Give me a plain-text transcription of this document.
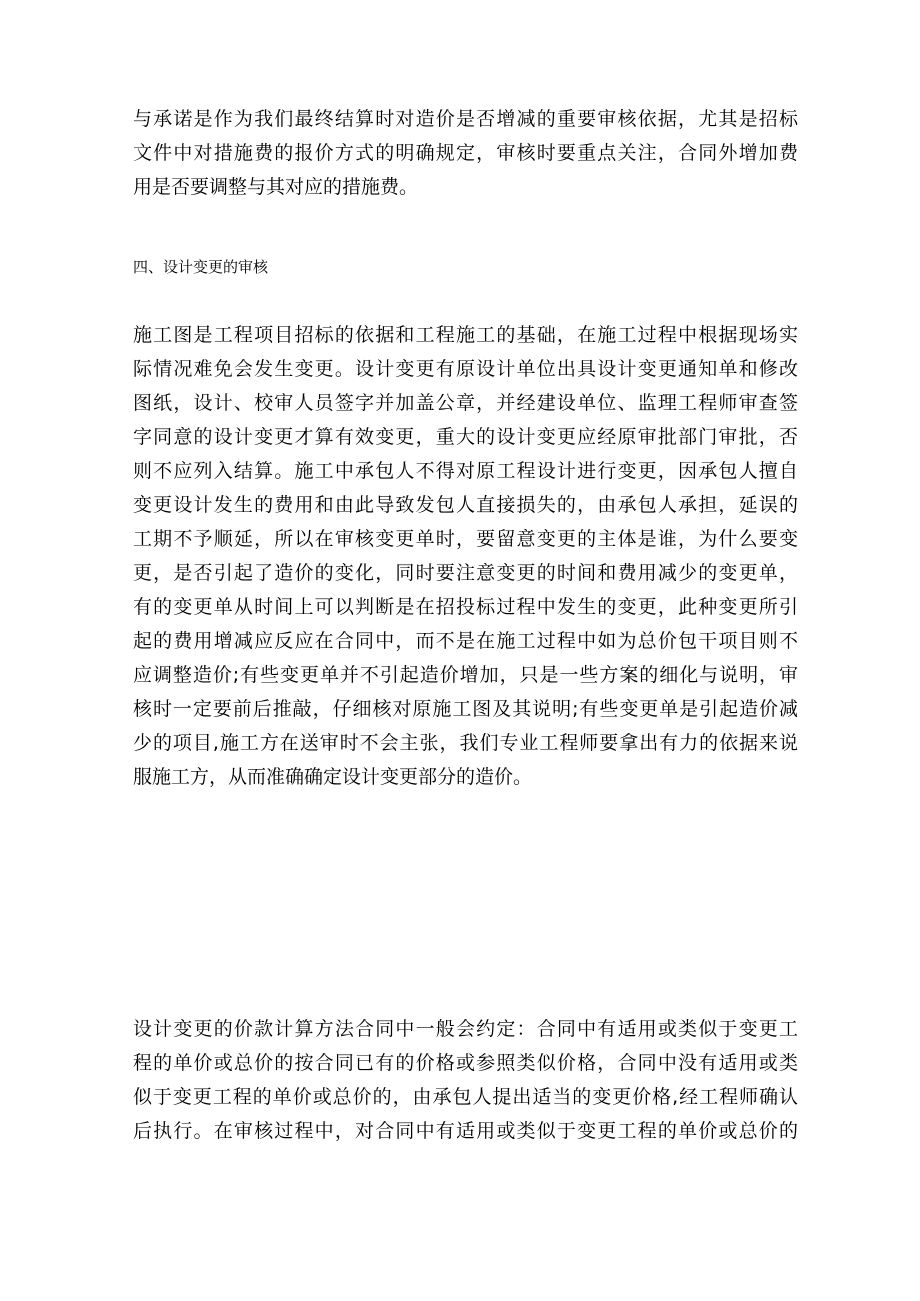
与承诺是作为我们最终结算时对造价是否增减的重要审核依据，尤其是招标
文件中对措施费的报价方式的明确规定，审核时要重点关注，合同外增加费
用是否要调整与其对应的措施费。

四、设计变更的审核

施工图是工程项目招标的依据和工程施工的基础，在施工过程中根据现场实
际情况难免会发生变更。设计变更有原设计单位出具设计变更通知单和修改
图纸，设计、校审人员签字并加盖公章，并经建设单位、监理工程师审查签
字同意的设计变更才算有效变更，重大的设计变更应经原审批部门审批，否
则不应列入结算。施工中承包人不得对原工程设计进行变更，因承包人擅自
变更设计发生的费用和由此导致发包人直接损失的，由承包人承担，延误的
工期不予顺延，所以在审核变更单时，要留意变更的主体是谁，为什么要变
更，是否引起了造价的变化，同时要注意变更的时间和费用减少的变更单，
有的变更单从时间上可以判断是在招投标过程中发生的变更，此种变更所引
起的费用增减应反应在合同中，而不是在施工过程中如为总价包干项目则不
应调整造价;有些变更单并不引起造价增加，只是一些方案的细化与说明，审
核时一定要前后推敲，仔细核对原施工图及其说明;有些变更单是引起造价减
少的项目,施工方在送审时不会主张，我们专业工程师要拿出有力的依据来说
服施工方，从而准确确定设计变更部分的造价。

设计变更的价款计算方法合同中一般会约定：合同中有适用或类似于变更工
程的单价或总价的按合同已有的价格或参照类似价格，合同中没有适用或类
似于变更工程的单价或总价的，由承包人提出适当的变更价格,经工程师确认
后执行。在审核过程中，对合同中有适用或类似于变更工程的单价或总价的
